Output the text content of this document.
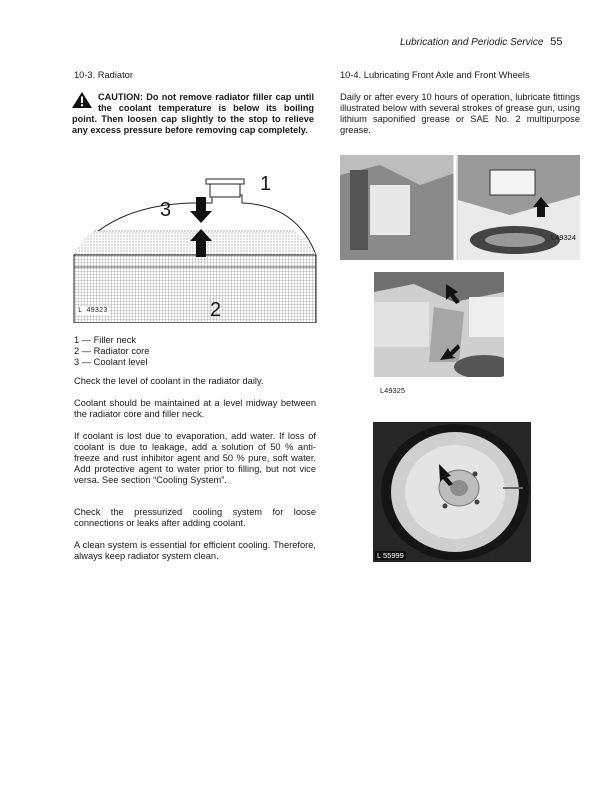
Lubrication and Periodic Service 55
10-3. Radiator
CAUTION: Do not remove radiator filler cap until the coolant temperature is below its boiling point. Then loosen cap slightly to the stop to relieve any excess pressure before removing cap completely.
1
2
3
L 49323
1 — Filler neck
2 — Radiator core
3 — Coolant level

Check the level of coolant in the radiator daily.

Coolant should be maintained at a level midway between the radiator core and filler neck.

If coolant is lost due to evaporation, add water. If loss of coolant is due to leakage, add a solution of 50 % anti-freeze and rust inhibitor agent and 50 % pure, soft water. Add protective agent to water prior to filling, but not vice versa. See section “Cooling System”.

Check the pressurized cooling system for loose connections or leaks after adding coolant.

A clean system is essential for efficient cooling. Therefore, always keep radiator system clean.

10-4. Lubricating Front Axle and Front Wheels

Daily or after every 10 hours of operation, lubricate fittings illustrated below with several strokes of grease gun, using lithium saponified grease or SAE No. 2 multipurpose grease.

L49324
L49325
L 55999
